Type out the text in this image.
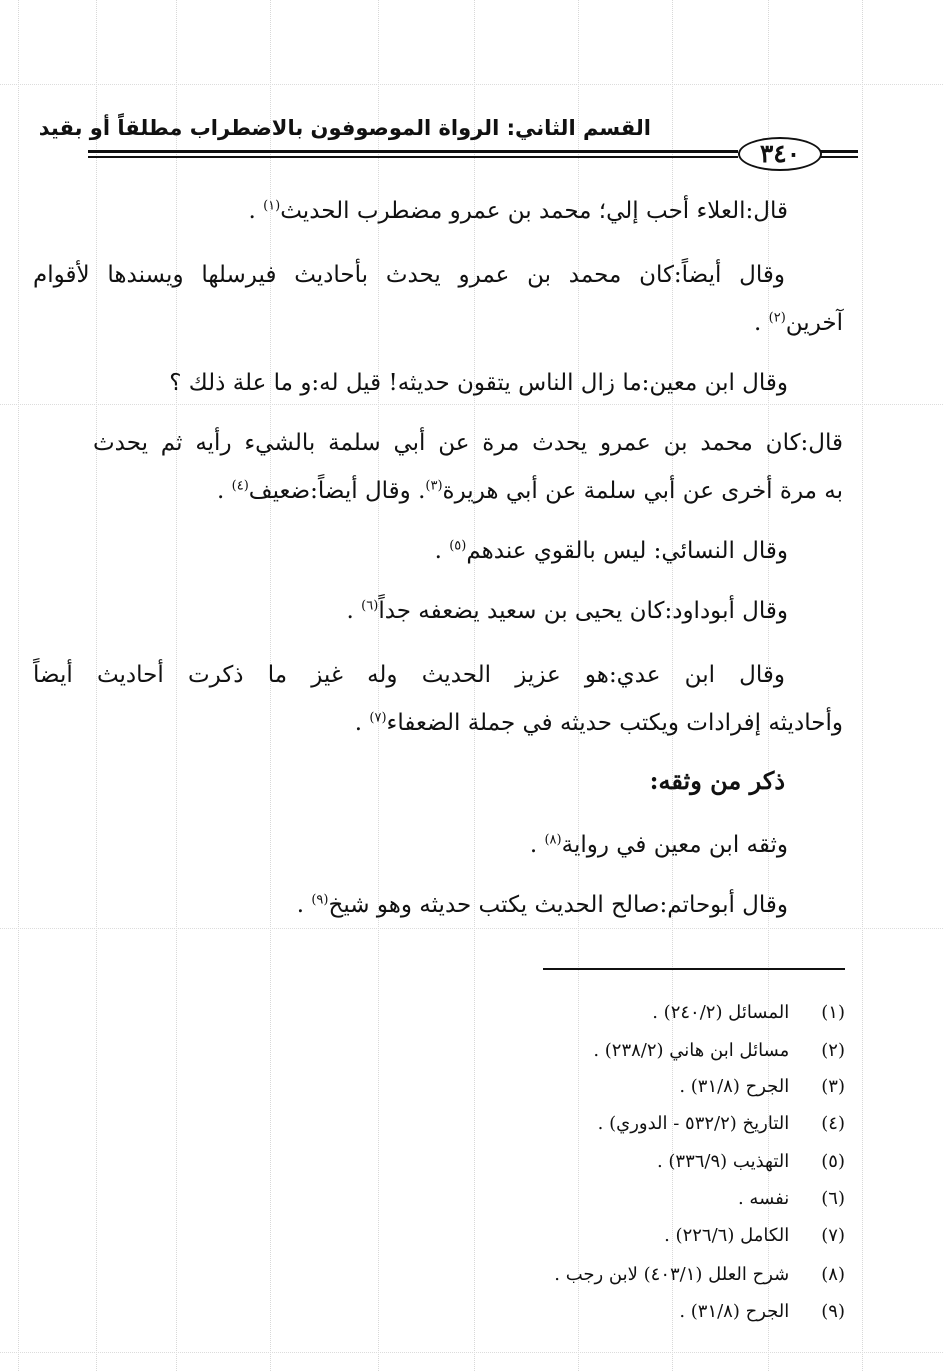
القسم الثاني: الرواة الموصوفون بالاضطراب مطلقاً أو بقيد
٣٤٠
قال:العلاء أحب إلي؛ محمد بن عمرو مضطرب الحديث$^{(١)}$ .
وقال أيضاً:كان محمد بن عمرو يحدث بأحاديث فيرسلها ويسندها لأقوام
آخرين$^{(٢)}$ .
وقال ابن معين:ما زال الناس يتقون حديثه! قيل له:و ما علة ذلك ؟
قال:كان محمد بن عمرو يحدث مرة عن أبي سلمة بالشيء رأيه ثم يحدث
به مرة أخرى عن أبي سلمة عن أبي هريرة$^{(٣)}$. وقال أيضاً:ضعيف$^{(٤)}$ .
وقال النسائي: ليس بالقوي عندهم$^{(٥)}$ .
وقال أبوداود:كان يحيى بن سعيد يضعفه جداً$^{(٦)}$ .
وقال ابن عدي:هو عزيز الحديث وله غيز ما ذكرت أحاديث أيضاً
وأحاديثه إفرادات ويكتب حديثه في جملة الضعفاء$^{(٧)}$ .
ذكر من وثقه:
وثقه ابن معين في رواية$^{(٨)}$ .
وقال أبوحاتم:صالح الحديث يكتب حديثه وهو شيخ$^{(٩)}$ .
(١) المسائل (٢٤٠/٢) .
(٢) مسائل ابن هاني (٢٣٨/٢) .
(٣) الجرح (٣١/٨) .
(٤) التاريخ (٥٣٢/٢ - الدوري) .
(٥) التهذيب (٣٣٦/٩) .
(٦) نفسه .
(٧) الكامل (٢٢٦/٦) .
(٨) شرح العلل (٤٠٣/١) لابن رجب .
(٩) الجرح (٣١/٨) .
